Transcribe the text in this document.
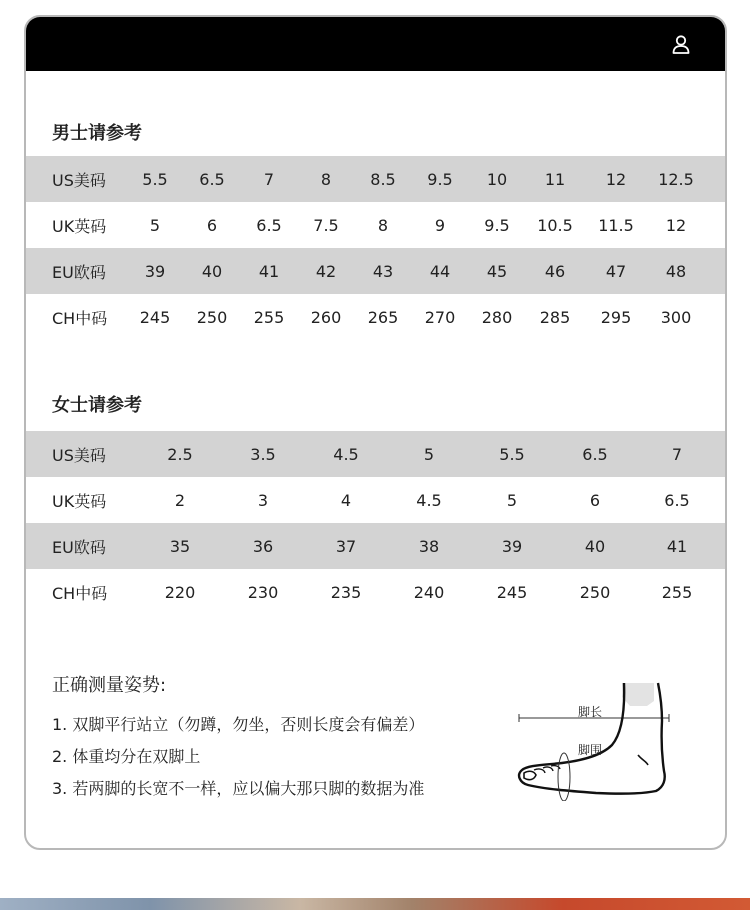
男士请参考
US美码	5.5	6.5	7	8	8.5	9.5	10	11	12	12.5
UK英码	5	6	6.5	7.5	8	9	9.5	10.5	11.5	12
EU欧码	39	40	41	42	43	44	45	46	47	48
CH中码	245	250	255	260	265	270	280	285	295	300
女士请参考
US美码	2.5	3.5	4.5	5	5.5	6.5	7
UK英码	2	3	4	4.5	5	6	6.5
EU欧码	35	36	37	38	39	40	41
CH中码	220	230	235	240	245	250	255
正确测量姿势:
1. 双脚平行站立（勿蹲，勿坐，否则长度会有偏差）
2. 体重均分在双脚上
3. 若两脚的长宽不一样，应以偏大那只脚的数据为准
脚长
脚围
